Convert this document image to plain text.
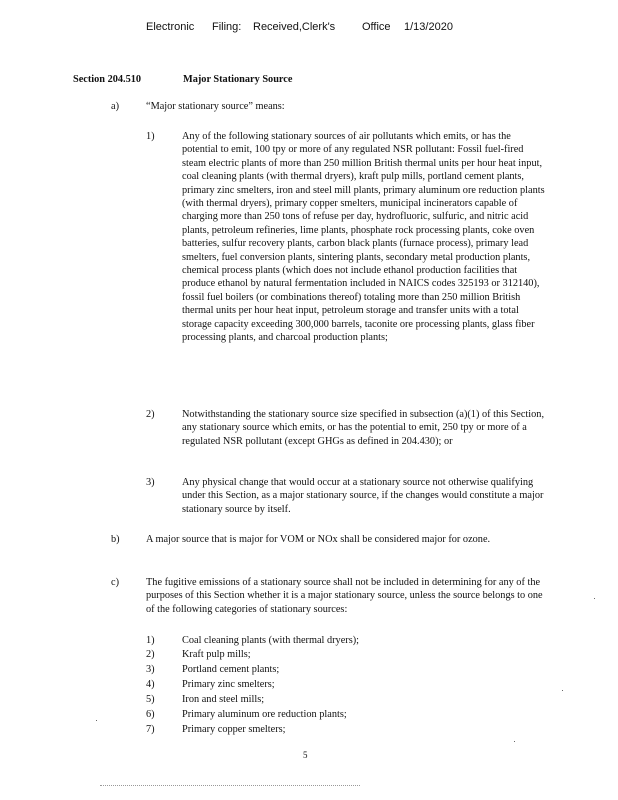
Electronic Filing: Received,Clerk's Office 1/13/2020
Section 204.510	Major Stationary Source
a)	“Major stationary source” means:
1)	Any of the following stationary sources of air pollutants which emits, or has the potential to emit, 100 tpy or more of any regulated NSR pollutant: Fossil fuel-fired steam electric plants of more than 250 million British thermal units per hour heat input, coal cleaning plants (with thermal dryers), kraft pulp mills, portland cement plants, primary zinc smelters, iron and steel mill plants, primary aluminum ore reduction plants (with thermal dryers), primary copper smelters, municipal incinerators capable of charging more than 250 tons of refuse per day, hydrofluoric, sulfuric, and nitric acid plants, petroleum refineries, lime plants, phosphate rock processing plants, coke oven batteries, sulfur recovery plants, carbon black plants (furnace process), primary lead smelters, fuel conversion plants, sintering plants, secondary metal production plants, chemical process plants (which does not include ethanol production facilities that produce ethanol by natural fermentation included in NAICS codes 325193 or 312140), fossil fuel boilers (or combinations thereof) totaling more than 250 million British thermal units per hour heat input, petroleum storage and transfer units with a total storage capacity exceeding 300,000 barrels, taconite ore processing plants, glass fiber processing plants, and charcoal production plants;
2)	Notwithstanding the stationary source size specified in subsection (a)(1) of this Section, any stationary source which emits, or has the potential to emit, 250 tpy or more of a regulated NSR pollutant (except GHGs as defined in 204.430); or
3)	Any physical change that would occur at a stationary source not otherwise qualifying under this Section, as a major stationary source, if the changes would constitute a major stationary source by itself.
b)	A major source that is major for VOM or NOx shall be considered major for ozone.
c)	The fugitive emissions of a stationary source shall not be included in determining for any of the purposes of this Section whether it is a major stationary source, unless the source belongs to one of the following categories of stationary sources:
1)	Coal cleaning plants (with thermal dryers);
2)	Kraft pulp mills;
3)	Portland cement plants;
4)	Primary zinc smelters;
5)	Iron and steel mills;
6)	Primary aluminum ore reduction plants;
7)	Primary copper smelters;
5
